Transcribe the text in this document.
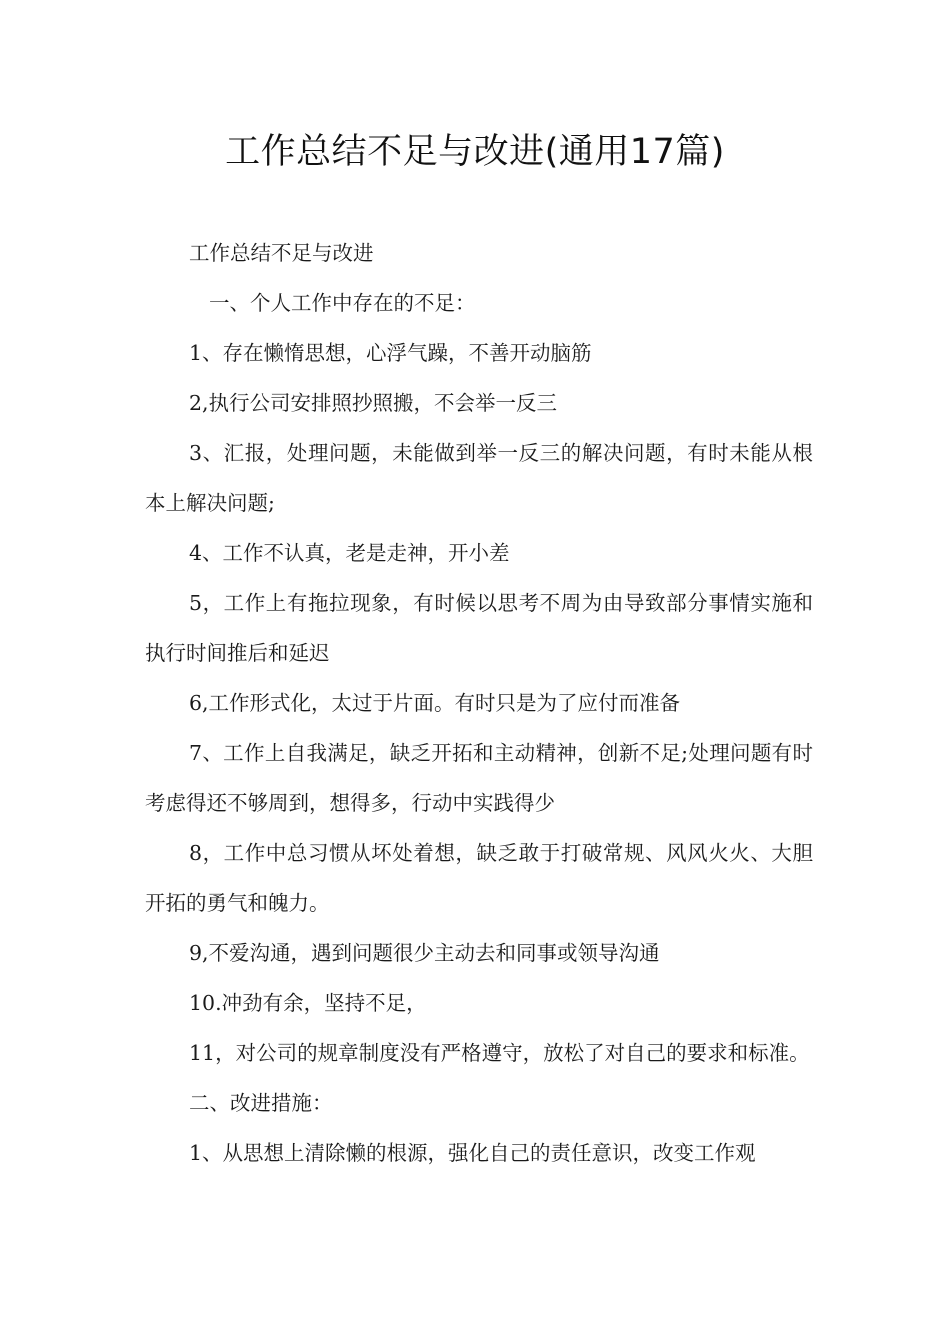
工作总结不足与改进(通用17篇)

工作总结不足与改进

一、个人工作中存在的不足：

1、存在懒惰思想，心浮气躁，不善开动脑筋

2,执行公司安排照抄照搬，不会举一反三

3、汇报，处理问题，未能做到举一反三的解决问题，有时未能从根本上解决问题;

4、工作不认真，老是走神，开小差

5，工作上有拖拉现象，有时候以思考不周为由导致部分事情实施和执行时间推后和延迟

6,工作形式化，太过于片面。有时只是为了应付而准备

7、工作上自我满足，缺乏开拓和主动精神，创新不足;处理问题有时考虑得还不够周到，想得多，行动中实践得少

8，工作中总习惯从坏处着想，缺乏敢于打破常规、风风火火、大胆开拓的勇气和魄力。

9,不爱沟通，遇到问题很少主动去和同事或领导沟通

10.冲劲有余，坚持不足，

11，对公司的规章制度没有严格遵守，放松了对自己的要求和标准。

二、改进措施：

1、从思想上清除懒的根源，强化自己的责任意识，改变工作观
